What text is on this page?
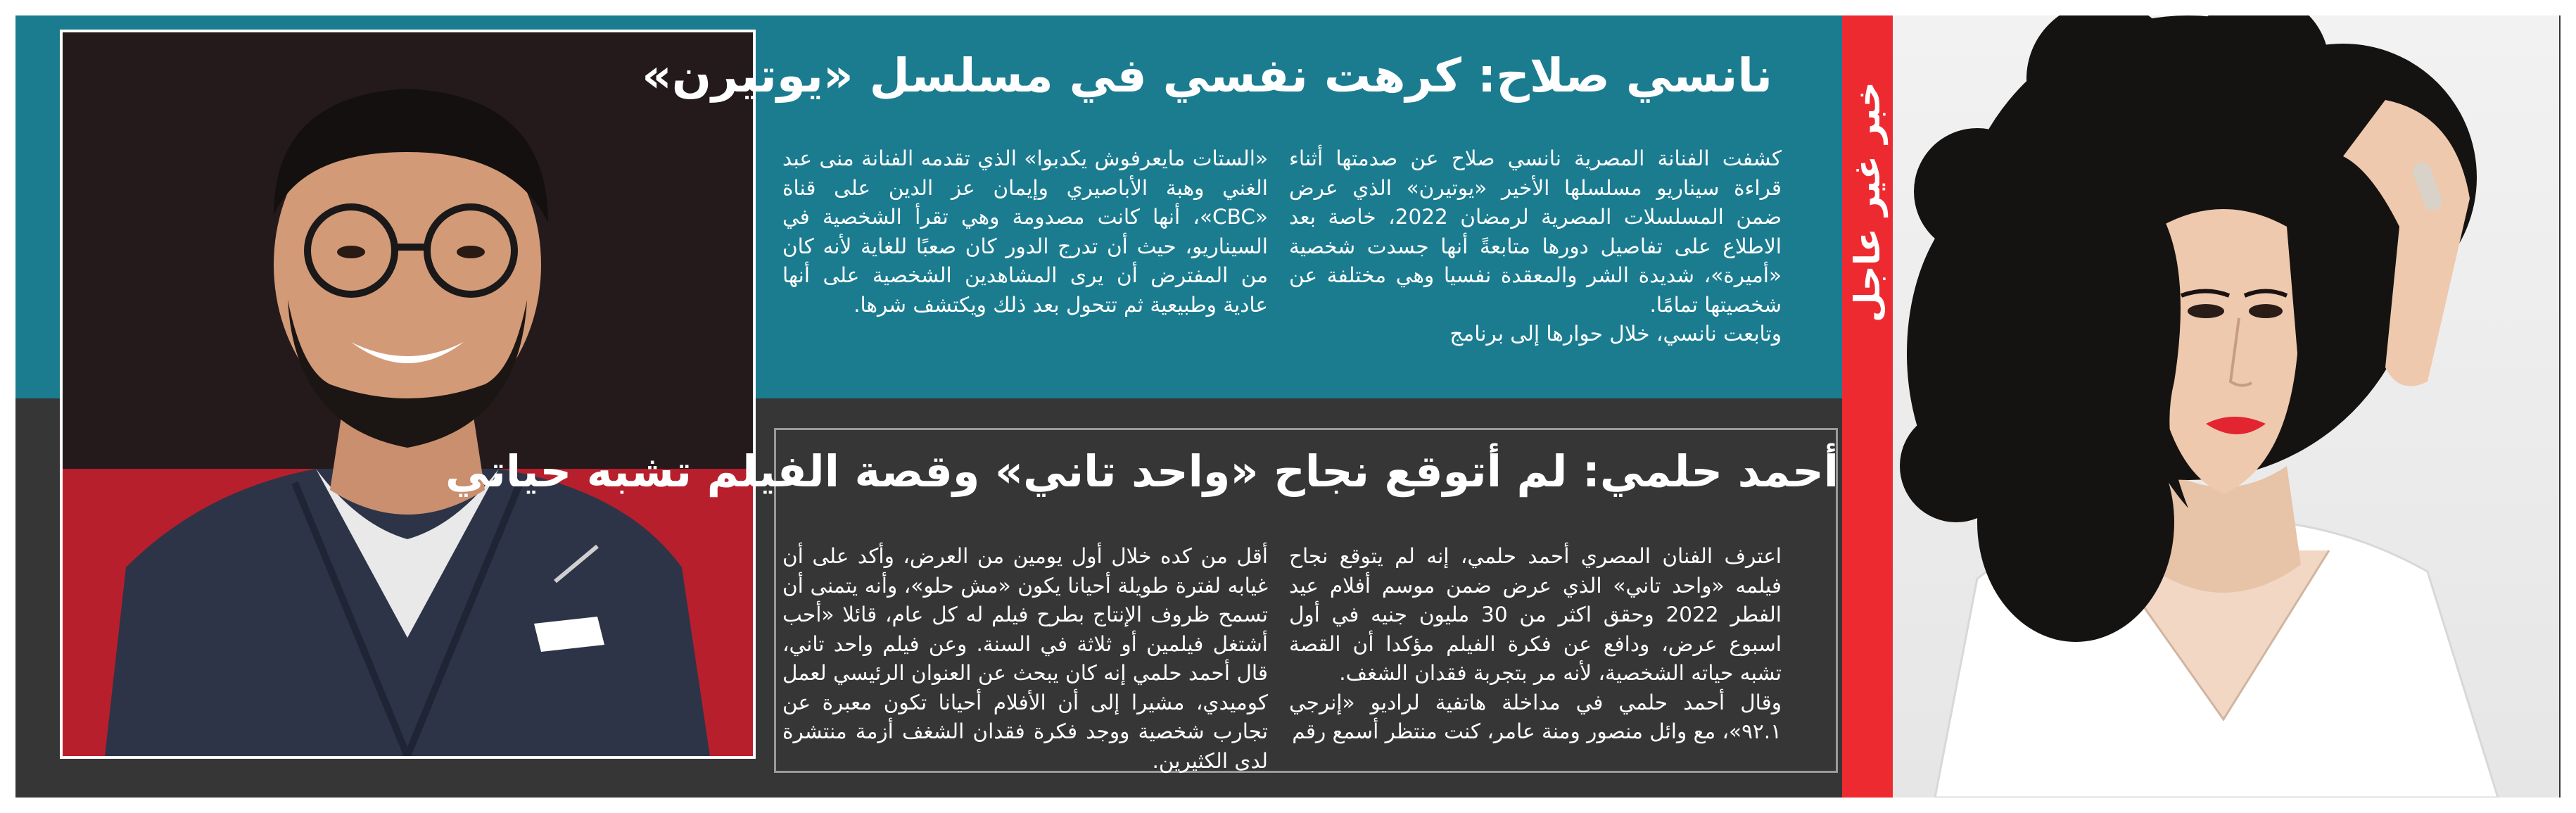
خبر غير عاجل
نانسي صلاح: كرهت نفسي في مسلسل «يوتيرن»

كشفت الفنانة المصرية نانسي صلاح عن صدمتها أثناء قراءة سيناريو مسلسلها الأخير «يوتيرن» الذي عرض ضمن المسلسلات المصرية لرمضان 2022، خاصة بعد الاطلاع على تفاصيل دورها متابعةً أنها جسدت شخصية «أميرة»، شديدة الشر والمعقدة نفسيا وهي مختلفة عن شخصيتها تمامًا.

وتابعت نانسي، خلال حوارها إلى برنامج

«الستات مايعرفوش يكدبوا» الذي تقدمه الفنانة منى عبد الغني وهبة الأباصيري وإيمان عز الدين على قناة «CBC»، أنها كانت مصدومة وهي تقرأ الشخصية في السيناريو، حيث أن تدرج الدور كان صعبًا للغاية لأنه كان من المفترض أن يرى المشاهدين الشخصية على أنها عادية وطبيعية ثم تتحول بعد ذلك ويكتشف شرها.

أحمد حلمي: لم أتوقع نجاح «واحد تاني» وقصة الفيلم تشبه حياتي

اعترف الفنان المصري أحمد حلمي، إنه لم يتوقع نجاح فيلمه «واحد تاني» الذي عرض ضمن موسم أفلام عيد الفطر 2022 وحقق اكثر من 30 مليون جنيه في أول اسبوع عرض، ودافع عن فكرة الفيلم مؤكدا أن القصة تشبه حياته الشخصية، لأنه مر بتجربة فقدان الشغف.

وقال أحمد حلمي في مداخلة هاتفية لراديو «إنرجي ٩٢.١»، مع وائل منصور ومنة عامر، كنت منتظر أسمع رقم

أقل من كده خلال أول يومين من العرض، وأكد على أن غيابه لفترة طويلة أحيانا يكون «مش حلو»، وأنه يتمنى أن تسمح ظروف الإنتاج بطرح فيلم له كل عام، قائلا «أحب أشتغل فيلمين أو ثلاثة في السنة. وعن فيلم واحد تاني، قال أحمد حلمي إنه كان يبحث عن العنوان الرئيسي لعمل كوميدي، مشيرا إلى أن الأفلام أحيانا تكون معبرة عن تجارب شخصية ووجد فكرة فقدان الشغف أزمة منتشرة لدى الكثيرين.
